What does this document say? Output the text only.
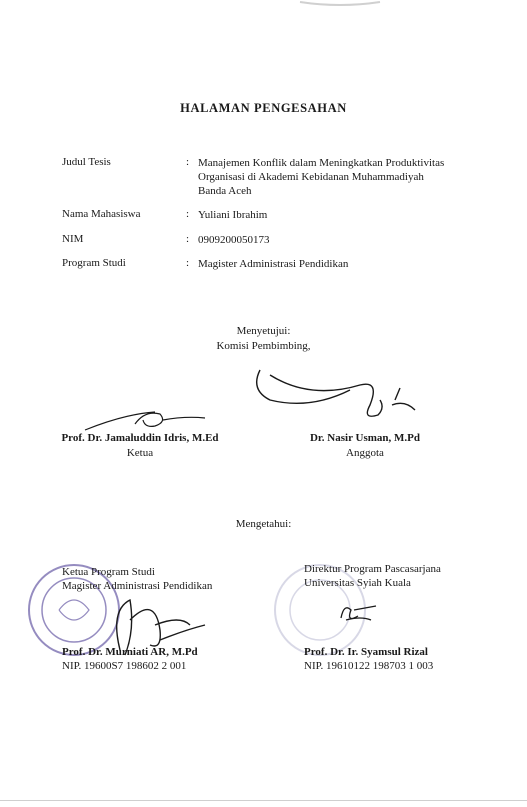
HALAMAN PENGESAHAN
Judul Tesis	: Manajemen Konflik dalam Meningkatkan Produktivitas
Organisasi di Akademi Kebidanan Muhammadiyah
Banda Aceh
Nama Mahasiswa	: Yuliani Ibrahim
NIM	: 0909200050173
Program Studi	: Magister Administrasi Pendidikan
Menyetujui:
Komisi Pembimbing,
Prof. Dr. Jamaluddin Idris, M.Ed
Ketua
Dr. Nasir Usman, M.Pd
Anggota
Mengetahui:
Ketua Program Studi
Magister Administrasi Pendidikan
Prof. Dr. Murniati AR, M.Pd
NIP. 19600S7 198602 2 001
Direktur Program Pascasarjana
Universitas Syiah Kuala
Prof. Dr. Ir. Syamsul Rizal
NIP. 19610122 198703 1 003
